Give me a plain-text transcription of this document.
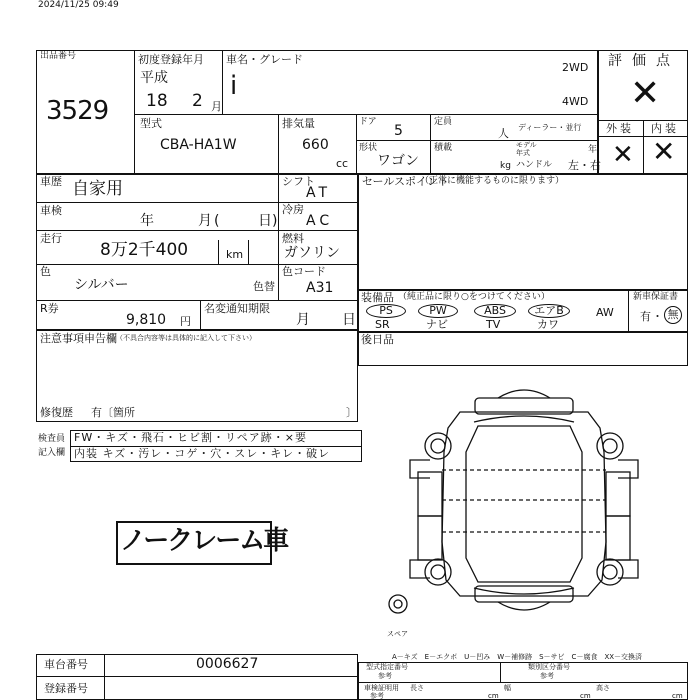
2024/11/25 09:49
出品番号
3529
初度登録年月
平成
18 2 月
車名・グレード
i
2WD
4WD
型式
CBA-HA1W
排気量
660
cc
ドア
5
形状
ワゴン
定員
人
積載
kg
ディーラー・並行
モデル年式	年
ハンドル 左・右
評価点
✕
外装 内装
✕ ✕
車歴 自家用	シフト
AT
車検
年	月 (	日)
冷房
AC
走行
8万2千400	km
燃料
ガソリン
色
シルバー	色替
色コード
A31
R券
9,810 円
名変通知期限
月 日
セールスポイント
（正常に機能するものに限ります）
装備品 （純正品に限り○をつけてください）
PS
SR
PW
ナビ
ABS
TV
エアB
カワ
AW
新車保証書
有 ・ 無
注意事項申告欄 （不具合内容等は具体的に記入して下さい）
修復歴 有〔箇所	〕
後日品
検査員
記入欄
FW・キズ・飛石・ヒビ割・リペア跡・×要
内装 キズ・汚レ・コゲ・穴・スレ・キレ・破レ
ノークレーム車
スペア
A－キズ　E－エクボ　U－凹み　W－補修跡　S－サビ　C－腐食　XX－交換済
車台番号	0006627
登録番号
型式指定番号
参考
類別区分番号
参考
車検証明用
参考
長さ
cm
幅
cm
高さ
cm
